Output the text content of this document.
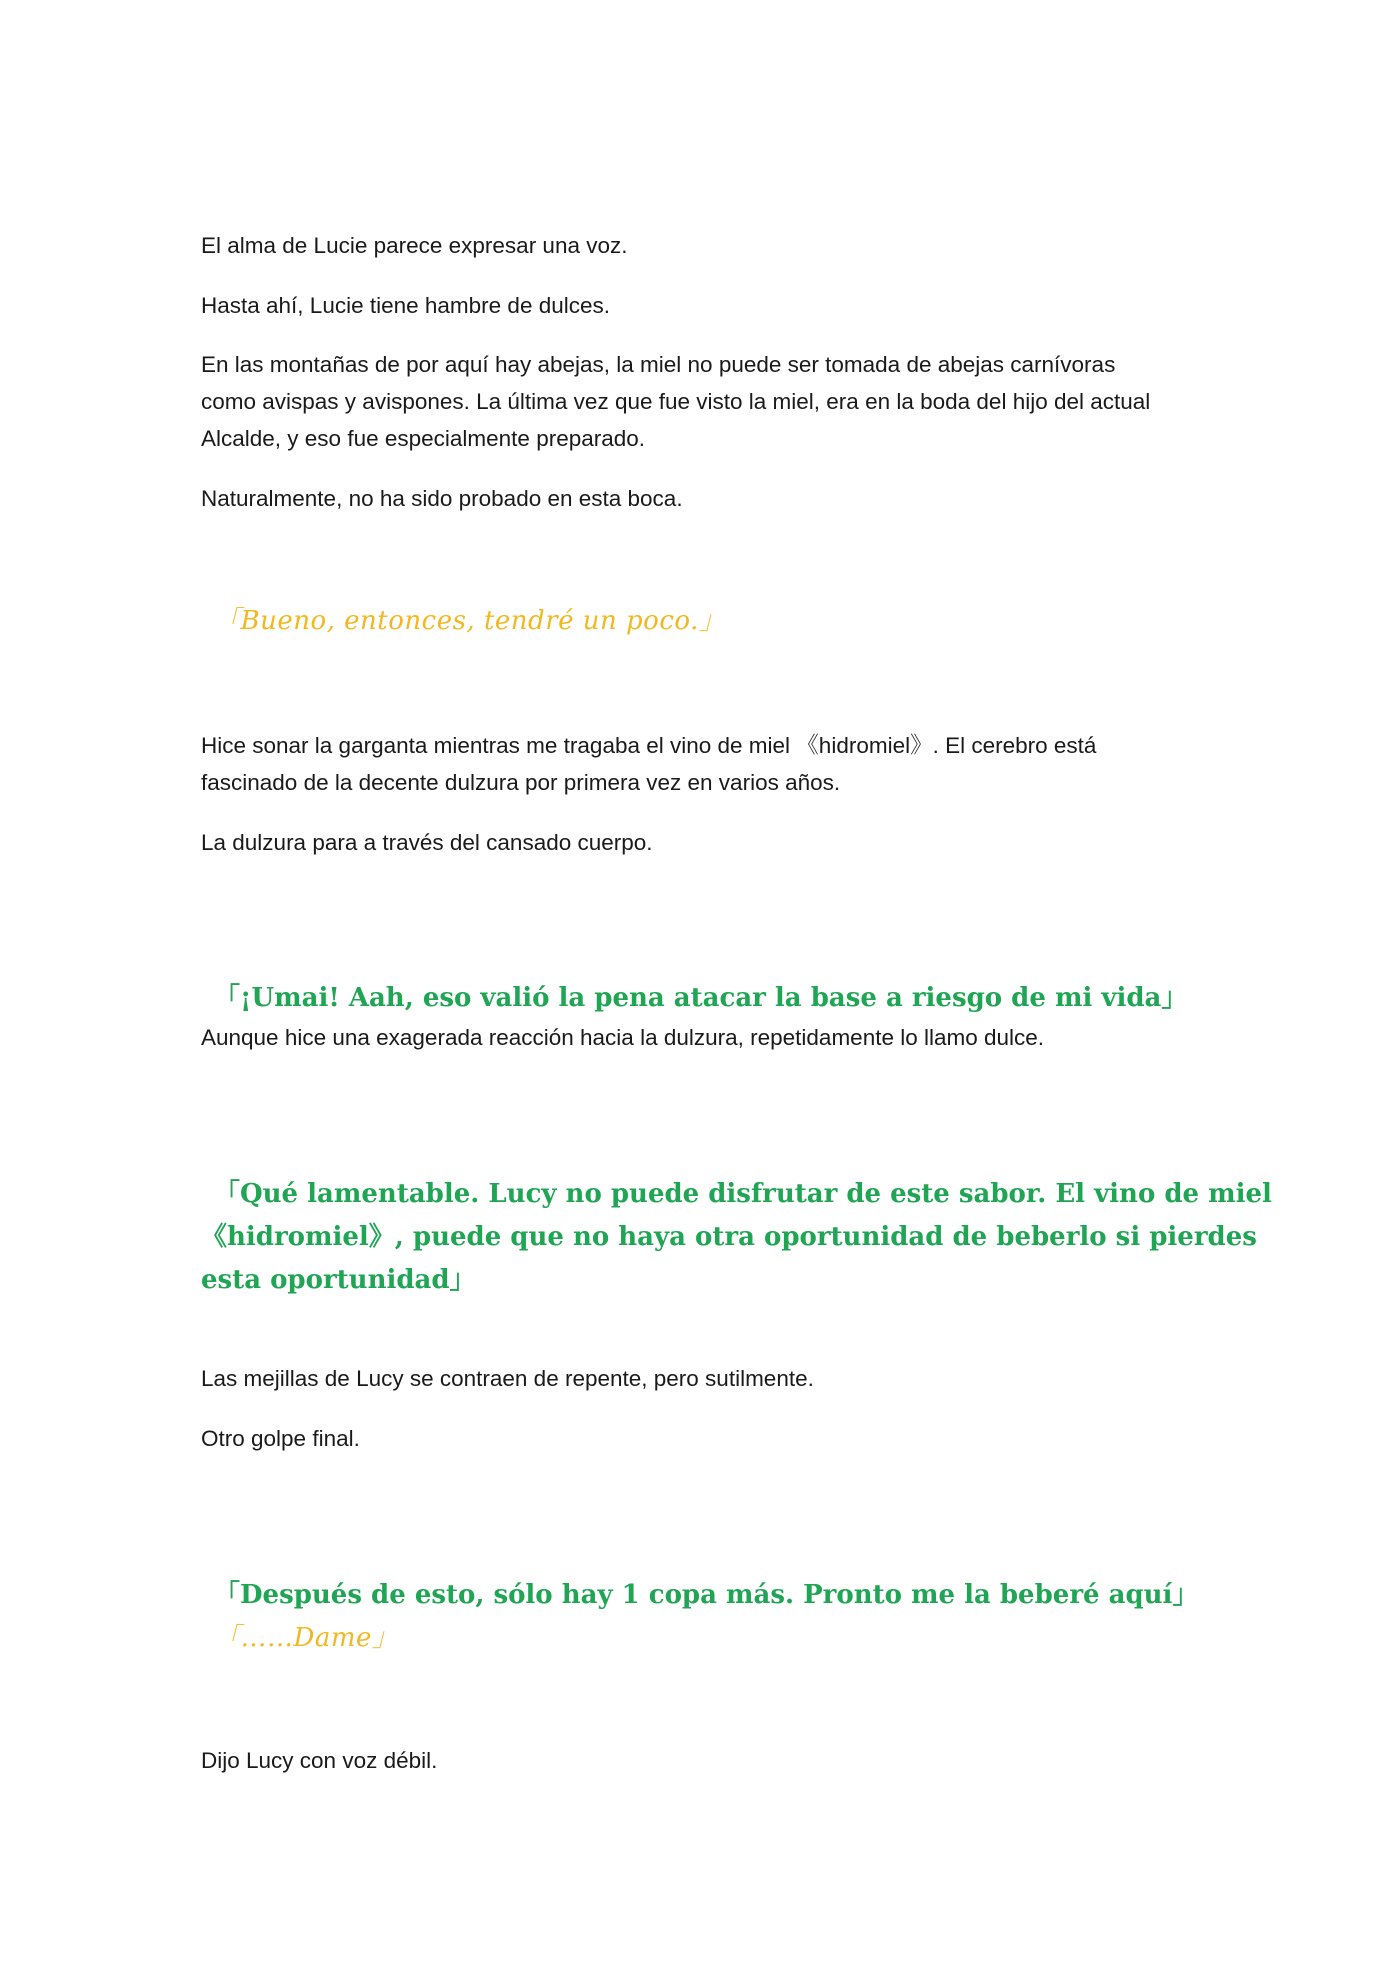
El alma de Lucie parece expresar una voz.

Hasta ahí, Lucie tiene hambre de dulces.

En las montañas de por aquí hay abejas, la miel no puede ser tomada de abejas carnívoras

como avispas y avispones. La última vez que fue visto la miel, era en la boda del hijo del actual

Alcalde, y eso fue especialmente preparado.

Naturalmente, no ha sido probado en esta boca.

「Bueno, entonces, tendré un poco.」

Hice sonar la garganta mientras me tragaba el vino de miel 《hidromiel》. El cerebro está

fascinado de la decente dulzura por primera vez en varios años.

La dulzura para a través del cansado cuerpo.

「¡Umai! Aah, eso valió la pena atacar la base a riesgo de mi vida」

Aunque hice una exagerada reacción hacia la dulzura, repetidamente lo llamo dulce.

「Qué lamentable. Lucy no puede disfrutar de este sabor. El vino de miel

《hidromiel》, puede que no haya otra oportunidad de beberlo si pierdes

esta oportunidad」

Las mejillas de Lucy se contraen de repente, pero sutilmente.

Otro golpe final.

「Después de esto, sólo hay 1 copa más. Pronto me la beberé aquí」

「……Dame」

Dijo Lucy con voz débil.
